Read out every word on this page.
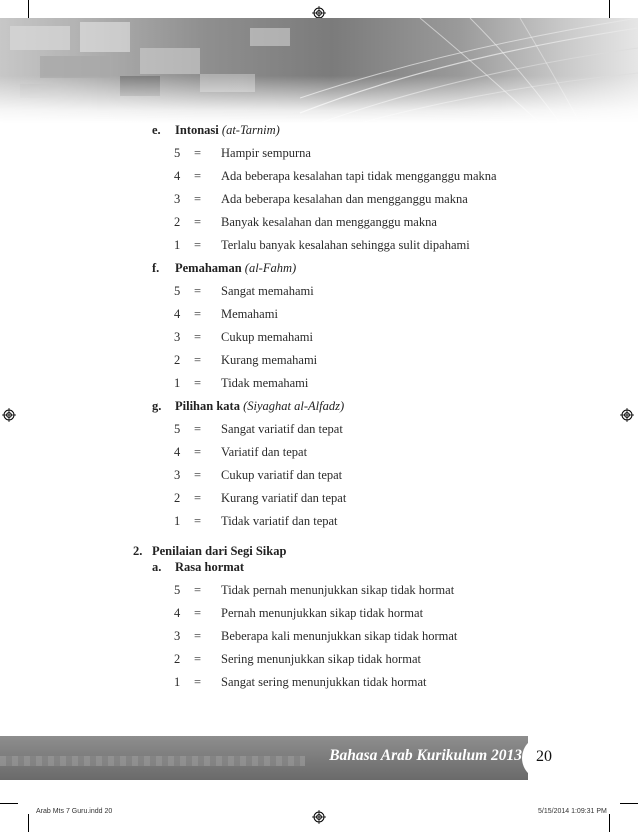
e. Intonasi (at-Tarnim)
5	=	Hampir sempurna
4	=	Ada beberapa kesalahan tapi tidak mengganggu makna
3	=	Ada beberapa kesalahan dan mengganggu makna
2	=	Banyak kesalahan dan mengganggu makna
1	=	Terlalu banyak kesalahan sehingga sulit dipahami
f. Pemahaman (al-Fahm)
5	=	Sangat memahami
4	=	Memahami
3	=	Cukup memahami
2	=	Kurang memahami
1	=	Tidak memahami
g. Pilihan kata (Siyaghat al-Alfadz)
5	=	Sangat variatif dan tepat
4	=	Variatif dan tepat
3	=	Cukup variatif dan tepat
2	=	Kurang variatif dan tepat
1	=	Tidak variatif dan tepat
2. Penilaian dari Segi Sikap
a. Rasa hormat
5	=	Tidak pernah menunjukkan sikap tidak hormat
4	=	Pernah menunjukkan sikap tidak hormat
3	=	Beberapa kali menunjukkan sikap tidak hormat
2	=	Sering menunjukkan sikap tidak hormat
1	=	Sangat sering menunjukkan tidak hormat
Bahasa Arab Kurikulum 2013 20
Arab Mts 7 Guru.indd 20	5/15/2014 1:09:31 PM
